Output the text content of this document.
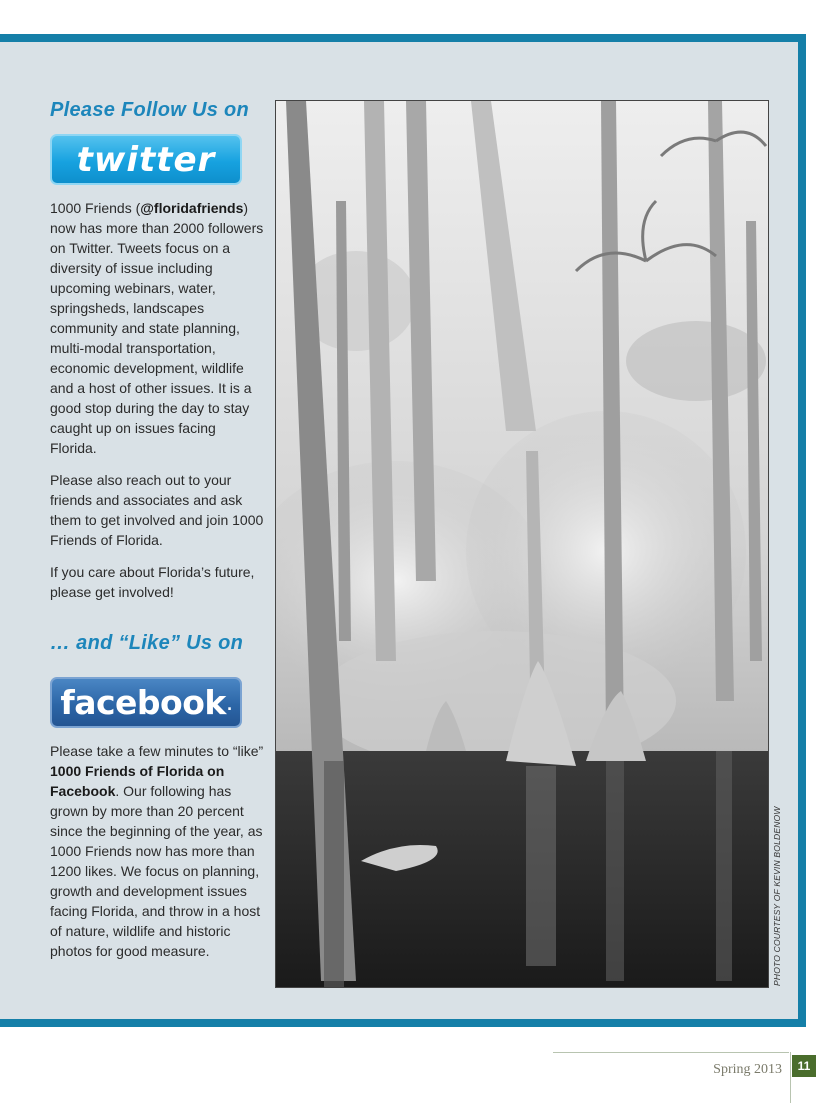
Please Follow Us on
twitter

1000 Friends (@floridafriends) now has more than 2000 followers on Twitter. Tweets focus on a diversity of issue including upcoming webinars, water, springsheds, landscapes community and state planning, multi-modal transportation, economic development, wildlife and a host of other issues. It is a good stop during the day to stay caught up on issues facing Florida.

Please also reach out to your friends and associates and ask them to get involved and join 1000 Friends of Florida.

If you care about Florida’s future, please get involved!

… and “Like” Us on
facebook .

Please take a few minutes to “like” 1000 Friends of Florida on Facebook. Our following has grown by more than 20 percent since the beginning of the year, as 1000 Friends now has more than 1200 likes. We focus on planning, growth and development issues facing Florida, and throw in a host of nature, wildlife and historic photos for good measure.	PHOTO COURTESY OF KEVIN BOLDENOW
Spring 2013	11
